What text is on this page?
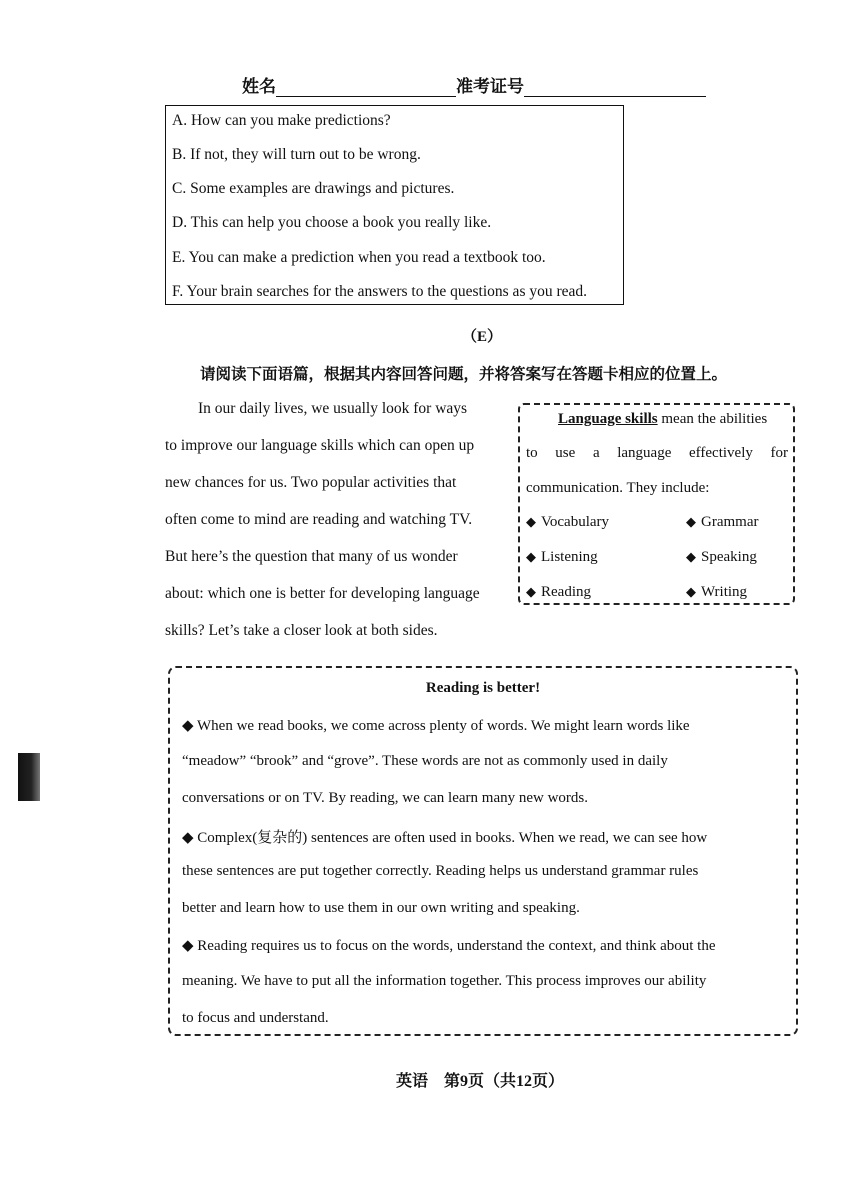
姓名	准考证号
A. How can you make predictions?
B. If not, they will turn out to be wrong.
C. Some examples are drawings and pictures.
D. This can help you choose a book you really like.
E. You can make a prediction when you read a textbook too.
F. Your brain searches for the answers to the questions as you read.
（E）
请阅读下面语篇，根据其内容回答问题，并将答案写在答题卡相应的位置上。
In our daily lives, we usually look for ways
to improve our language skills which can open up
new chances for us. Two popular activities that
often come to mind are reading and watching TV.
But here’s the question that many of us wonder
about: which one is better for developing language
skills? Let’s take a closer look at both sides.
Language skills mean the abilities
to use a language effectively for
communication. They include:
◆ Vocabulary	◆ Grammar
◆ Listening	◆ Speaking
◆ Reading	◆ Writing
Reading is better!
◆ When we read books, we come across plenty of words. We might learn words like
“meadow” “brook” and “grove”. These words are not as commonly used in daily
conversations or on TV. By reading, we can learn many new words.
◆ Complex(复杂的) sentences are often used in books. When we read, we can see how
these sentences are put together correctly. Reading helps us understand grammar rules
better and learn how to use them in our own writing and speaking.
◆ Reading requires us to focus on the words, understand the context, and think about the
meaning. We have to put all the information together. This process improves our ability
to focus and understand.
英语　第9页（共12页）
